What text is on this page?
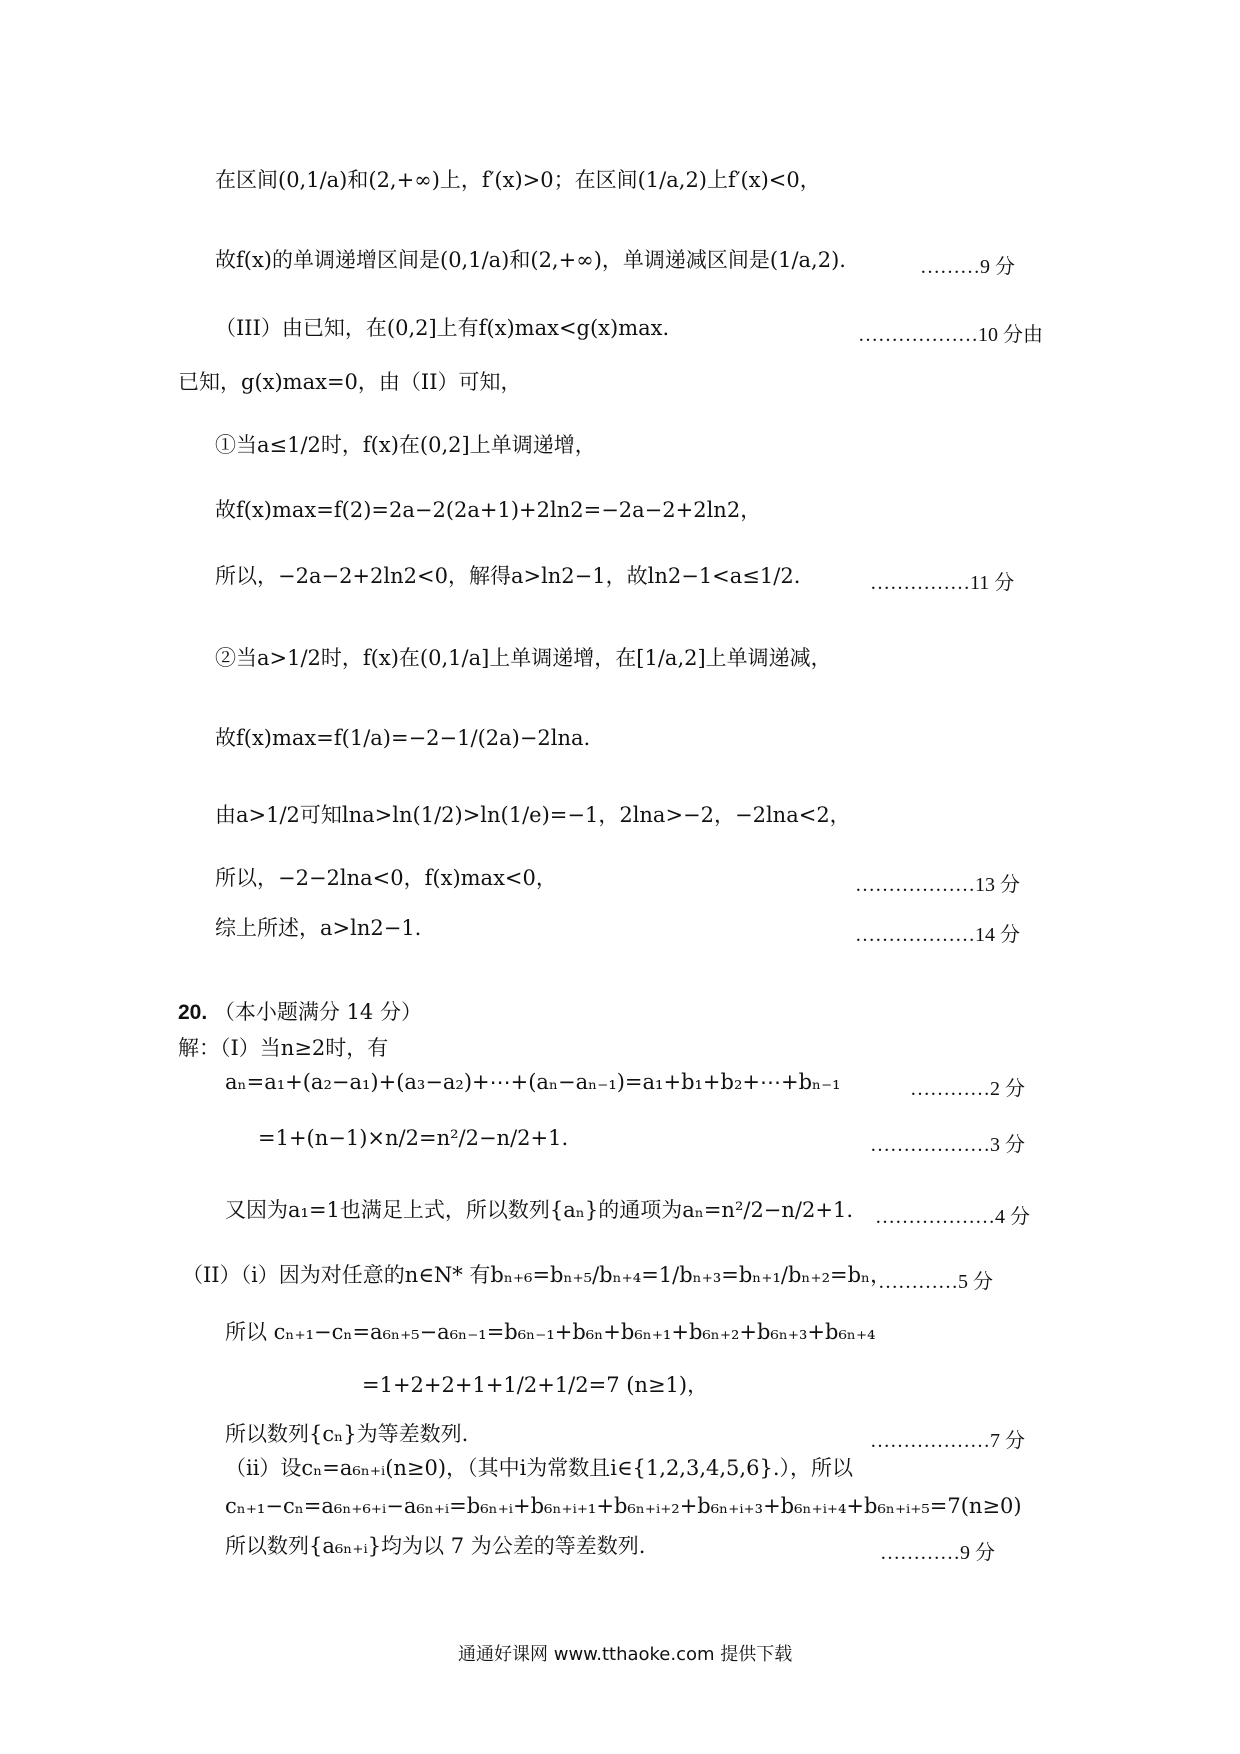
在区间(0,1/a)和(2,+∞)上，f′(x)>0；在区间(1/a,2)上f′(x)<0，
故f(x)的单调递增区间是(0,1/a)和(2,+∞)，单调递减区间是(1/a,2).	………9 分
（III）由已知，在(0,2]上有f(x)max<g(x)max.	………………10 分由
已知，g(x)max=0，由（II）可知，
①当a≤1/2时，f(x)在(0,2]上单调递增，
故f(x)max=f(2)=2a−2(2a+1)+2ln2=−2a−2+2ln2，
所以，−2a−2+2ln2<0，解得a>ln2−1，故ln2−1<a≤1/2.	……………11 分
②当a>1/2时，f(x)在(0,1/a]上单调递增，在[1/a,2]上单调递减，
故f(x)max=f(1/a)=−2−1/(2a)−2lna.
由a>1/2可知lna>ln(1/2)>ln(1/e)=−1，2lna>−2，−2lna<2，
所以，−2−2lna<0，f(x)max<0，	………………13 分
综上所述，a>ln2−1.	………………14 分
20. （本小题满分 14 分）
解：（I）当n≥2时，有
aₙ=a₁+(a₂−a₁)+(a₃−a₂)+⋯+(aₙ−aₙ₋₁)=a₁+b₁+b₂+⋯+bₙ₋₁	…………2 分
=1+(n−1)×n/2=n²/2−n/2+1.	………………3 分
又因为a₁=1也满足上式，所以数列{aₙ}的通项为aₙ=n²/2−n/2+1. ………………4 分
（II）（i）因为对任意的n∈N* 有bₙ₊₆=bₙ₊₅/bₙ₊₄=1/bₙ₊₃=bₙ₊₁/bₙ₊₂=bₙ，
…………5 分
所以 cₙ₊₁−cₙ=a₆ₙ₊₅−a₆ₙ₋₁=b₆ₙ₋₁+b₆ₙ+b₆ₙ₊₁+b₆ₙ₊₂+b₆ₙ₊₃+b₆ₙ₊₄
=1+2+2+1+1/2+1/2=7 (n≥1)，
所以数列{cₙ}为等差数列.	………………7 分
（ii）设cₙ=a₆ₙ₊ᵢ(n≥0)，（其中i为常数且i∈{1,2,3,4,5,6}.），所以
cₙ₊₁−cₙ=a₆ₙ₊₆₊ᵢ−a₆ₙ₊ᵢ=b₆ₙ₊ᵢ+b₆ₙ₊ᵢ₊₁+b₆ₙ₊ᵢ₊₂+b₆ₙ₊ᵢ₊₃+b₆ₙ₊ᵢ₊₄+b₆ₙ₊ᵢ₊₅=7(n≥0)
所以数列{a₆ₙ₊ᵢ}均为以 7 为公差的等差数列.	…………9 分
通通好课网 www.tthaoke.com 提供下载
